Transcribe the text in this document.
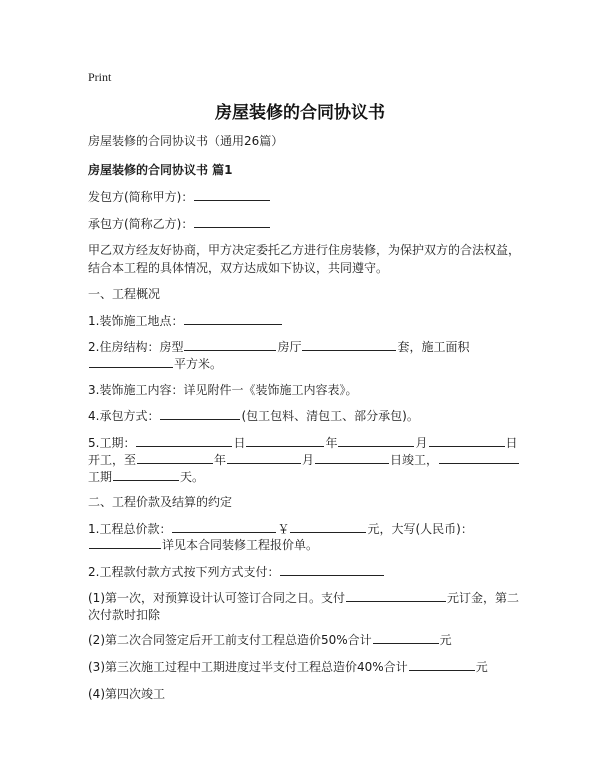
Print
房屋装修的合同协议书
房屋装修的合同协议书（通用26篇）
房屋装修的合同协议书 篇1
发包方(简称甲方)：
承包方(简称乙方)：
甲乙双方经友好协商，甲方决定委托乙方进行住房装修，为保护双方的合法权益，
结合本工程的具体情况，双方达成如下协议，共同遵守。
一、工程概况
1.装饰施工地点：
2.住房结构：房型	房厅	套，施工面积
平方米。
3.装饰施工内容：详见附件一《装饰施工内容表》。
4.承包方式：	(包工包料、清包工、部分承包)。
5.工期：	日	年	月	日
开工，至	年	月	日竣工，
工期	天。
二、工程价款及结算的约定
1.工程总价款：	￥	元，大写(人民币)：
详见本合同装修工程报价单。
2.工程款付款方式按下列方式支付：
(1)第一次，对预算设计认可签订合同之日。支付	元订金，第二
次付款时扣除
(2)第二次合同签定后开工前支付工程总造价50%合计	元
(3)第三次施工过程中工期进度过半支付工程总造价40%合计	元
(4)第四次竣工
